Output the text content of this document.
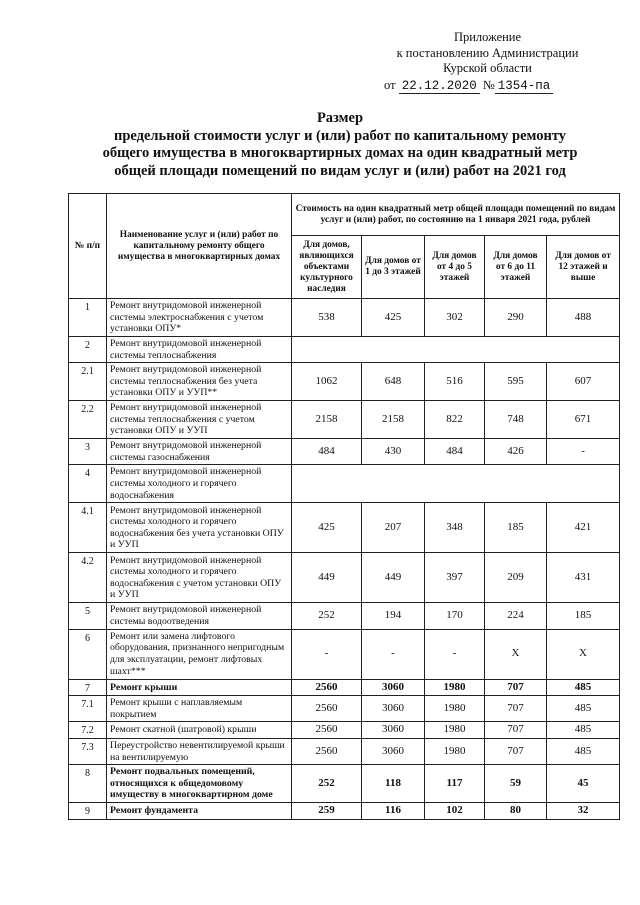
Приложение
к постановлению Администрации
Курской области
от 22.12.2020 № 1354-па
Размер
предельной стоимости услуг и (или) работ по капитальному ремонту
общего имущества в многоквартирных домах на один квадратный метр
общей площади помещений по видам услуг и (или) работ на 2021 год
№ п/п	Наименование услуг и (или) работ по капитальному ремонту общего имущества в многоквартирных домах	Стоимость на один квадратный метр общей площади помещений по видам услуг и (или) работ, по состоянию на 1 января 2021 года, рублей				
		Для домов, являющихся объектами культурного наследия	Для домов от 1 до 3 этажей	Для домов от 4 до 5 этажей	Для домов от 6 до 11 этажей	Для домов от 12 этажей и выше
1	Ремонт внутридомовой инженерной системы электроснабжения с учетом установки ОПУ*	538	425	302	290	488
2	Ремонт внутридомовой инженерной системы теплоснабжения					
2.1	Ремонт внутридомовой инженерной системы теплоснабжения без учета установки ОПУ и УУП**	1062	648	516	595	607
2.2	Ремонт внутридомовой инженерной системы теплоснабжения с учетом установки ОПУ и УУП	2158	2158	822	748	671
3	Ремонт внутридомовой инженерной системы газоснабжения	484	430	484	426	-
4	Ремонт внутридомовой инженерной системы холодного и горячего водоснабжения					
4.1	Ремонт внутридомовой инженерной системы холодного и горячего водоснабжения без учета установки ОПУ и УУП	425	207	348	185	421
4.2	Ремонт внутридомовой инженерной системы холодного и горячего водоснабжения с учетом установки ОПУ и УУП	449	449	397	209	431
5	Ремонт внутридомовой инженерной системы водоотведения	252	194	170	224	185
6	Ремонт или замена лифтового оборудования, признанного непригодным для эксплуатации, ремонт лифтовых шахт***	-	-	-	Х	Х
7	Ремонт крыши	2560	3060	1980	707	485
7.1	Ремонт крыши с наплавляемым покрытием	2560	3060	1980	707	485
7.2	Ремонт скатной (шатровой) крыши	2560	3060	1980	707	485
7.3	Переустройство невентилируемой крыши на вентилируемую	2560	3060	1980	707	485
8	Ремонт подвальных помещений, относящихся к общедомовому имуществу в многоквартирном доме	252	118	117	59	45
9	Ремонт фундамента	259	116	102	80	32
